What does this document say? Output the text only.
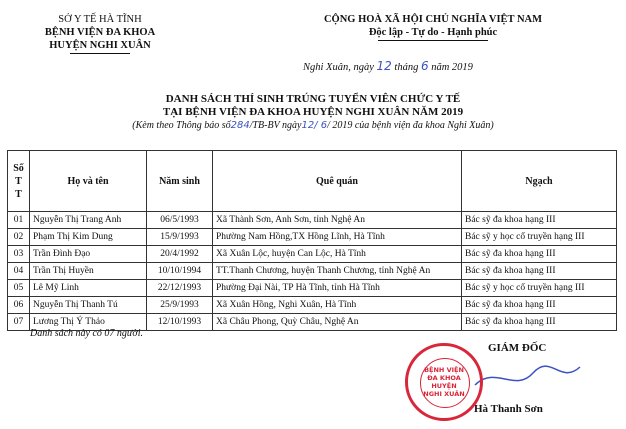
SỞ Y TẾ HÀ TĨNH
BỆNH VIỆN ĐA KHOA
HUYỆN NGHI XUÂN
CỘNG HOÀ XÃ HỘI CHỦ NGHĨA VIỆT NAM
Độc lập - Tự do - Hạnh phúc
Nghi Xuân, ngày 12 tháng 6 năm 2019
DANH SÁCH THÍ SINH TRÚNG TUYỂN VIÊN CHỨC Y TẾ
TẠI BỆNH VIỆN ĐA KHOA HUYỆN NGHI XUÂN NĂM 2019
(Kèm theo Thông báo số284/TB-BV ngày12/ 6/ 2019 của bệnh viện đa khoa Nghi Xuân)
Số
T
T	Họ và tên	Năm sinh	Quê quán	Ngạch
01	Nguyễn Thị Trang Anh	06/5/1993	Xã Thành Sơn, Anh Sơn, tỉnh Nghệ An	Bác sỹ đa khoa hạng III
02	Phạm Thị Kim Dung	15/9/1993	Phường Nam Hồng,TX Hồng Lĩnh, Hà Tĩnh	Bác sỹ y học cổ truyền hạng III
03	Trần Đình Đạo	20/4/1992	Xã Xuân Lộc, huyện Can Lộc, Hà Tĩnh	Bác sỹ đa khoa hạng III
04	Trần Thị Huyền	10/10/1994	TT.Thanh Chương, huyện Thanh Chương, tỉnh Nghệ An	Bác sỹ đa khoa hạng III
05	Lê Mỹ Linh	22/12/1993	Phường Đại Nài, TP Hà Tĩnh, tỉnh Hà Tĩnh	Bác sỹ y học cổ truyền hạng III
06	Nguyễn Thị Thanh Tú	25/9/1993	Xã Xuân Hồng, Nghi Xuân, Hà Tĩnh	Bác sỹ đa khoa hạng III
07	Lương Thị Ý Thảo	12/10/1993	Xã Châu Phong, Quỳ Châu, Nghệ An	Bác sỹ đa khoa hạng III
Danh sách này có 07 người.
GIÁM ĐỐC
Hà Thanh Sơn
BỆNH VIỆN
ĐA KHOA
HUYỆN
NGHI XUÂN
